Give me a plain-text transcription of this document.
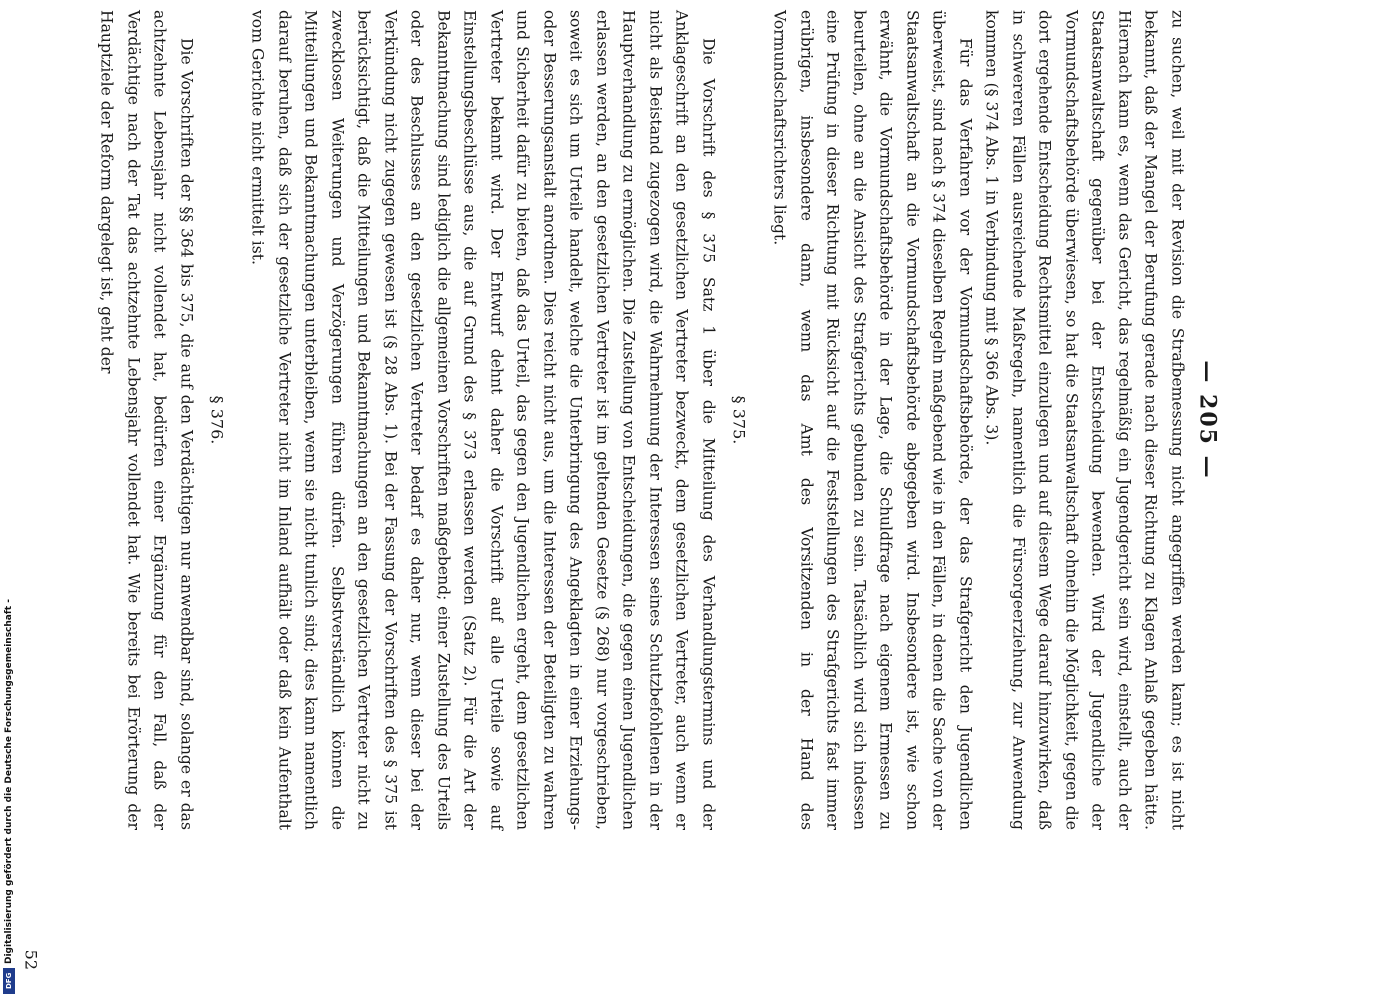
— 205 —

zu suchen, weil mit der Revision die Strafbemessung nicht angegriffen werden kann; es ist nicht bekannt, daß der Mangel der Berufung gerade nach dieser Richtung zu Klagen Anlaß gegeben hätte. Hiernach kann es, wenn das Gericht, das regelmäßig ein Jugendgericht sein wird, einstellt, auch der Staatsanwaltschaft gegenüber bei der Entscheidung bewenden. Wird der Jugendliche der Vormundschaftsbehörde überwiesen, so hat die Staatsanwaltschaft ohnehin die Möglichkeit, gegen die dort ergehende Entscheidung Rechtsmittel einzulegen und auf diesem Wege darauf hinzuwirken, daß in schwereren Fällen ausreichende Maßregeln, namentlich die Fürsorgeerziehung, zur Anwendung kommen (§ 374 Abs. 1 in Verbindung mit § 366 Abs. 3).

Für das Verfahren vor der Vormundschaftsbehörde, der das Strafgericht den Jugendlichen überweist, sind nach § 374 dieselben Regeln maßgebend wie in den Fällen, in denen die Sache von der Staatsanwaltschaft an die Vormundschaftsbehörde abgegeben wird. Insbesondere ist, wie schon erwähnt, die Vormundschaftsbehörde in der Lage, die Schuldfrage nach eigenem Ermessen zu beurteilen, ohne an die Ansicht des Strafgerichts gebunden zu sein. Tatsächlich wird sich indessen eine Prüfung in dieser Richtung mit Rücksicht auf die Feststellungen des Strafgerichts fast immer erübrigen, insbesondere dann, wenn das Amt des Vorsitzenden in der Hand des Vormundschaftsrichters liegt.

§ 375.

Die Vorschrift des § 375 Satz 1 über die Mitteilung des Verhandlungstermins und der Anklageschrift an den gesetzlichen Vertreter bezweckt, dem gesetzlichen Vertreter, auch wenn er nicht als Beistand zugezogen wird, die Wahrnehmung der Interessen seines Schutzbefohlenen in der Hauptverhandlung zu ermöglichen. Die Zustellung von Entscheidungen, die gegen einen Jugendlichen erlassen werden, an den gesetzlichen Vertreter ist im geltenden Gesetze (§ 268) nur vorgeschrieben, soweit es sich um Urteile handelt, welche die Unterbringung des Angeklagten in einer Erziehungs- oder Besserungsanstalt anordnen. Dies reicht nicht aus, um die Interessen der Beteiligten zu wahren und Sicherheit dafür zu bieten, daß das Urteil, das gegen den Jugendlichen ergeht, dem gesetzlichen Vertreter bekannt wird. Der Entwurf dehnt daher die Vorschrift auf alle Urteile sowie auf Einstellungsbeschlüsse aus, die auf Grund des § 373 erlassen werden (Satz 2). Für die Art der Bekanntmachung sind lediglich die allgemeinen Vorschriften maßgebend; einer Zustellung des Urteils oder des Beschlusses an den gesetzlichen Vertreter bedarf es daher nur, wenn dieser bei der Verkündung nicht zugegen gewesen ist (§ 28 Abs. 1). Bei der Fassung der Vorschriften des § 375 ist berücksichtigt, daß die Mitteilungen und Bekanntmachungen an den gesetzlichen Vertreter nicht zu zwecklosen Weiterungen und Verzögerungen führen dürfen. Selbstverständlich können die Mitteilungen und Bekanntmachungen unterbleiben, wenn sie nicht tunlich sind; dies kann namentlich darauf beruhen, daß sich der gesetzliche Vertreter nicht im Inland aufhält oder daß kein Aufenthalt vom Gerichte nicht ermittelt ist.

§ 376.

Die Vorschriften der §§ 364 bis 375, die auf den Verdächtigen nur anwendbar sind, solange er das achtzehnte Lebensjahr nicht vollendet hat, bedürfen einer Ergänzung für den Fall, daß der Verdächtige nach der Tat das achtzehnte Lebensjahr vollendet hat. Wie bereits bei Erörterung der Hauptziele der Reform dargelegt ist, geht der

52
Digitalisierung gefördert durch die Deutsche Forschungsgemeinschaft -
DFG
